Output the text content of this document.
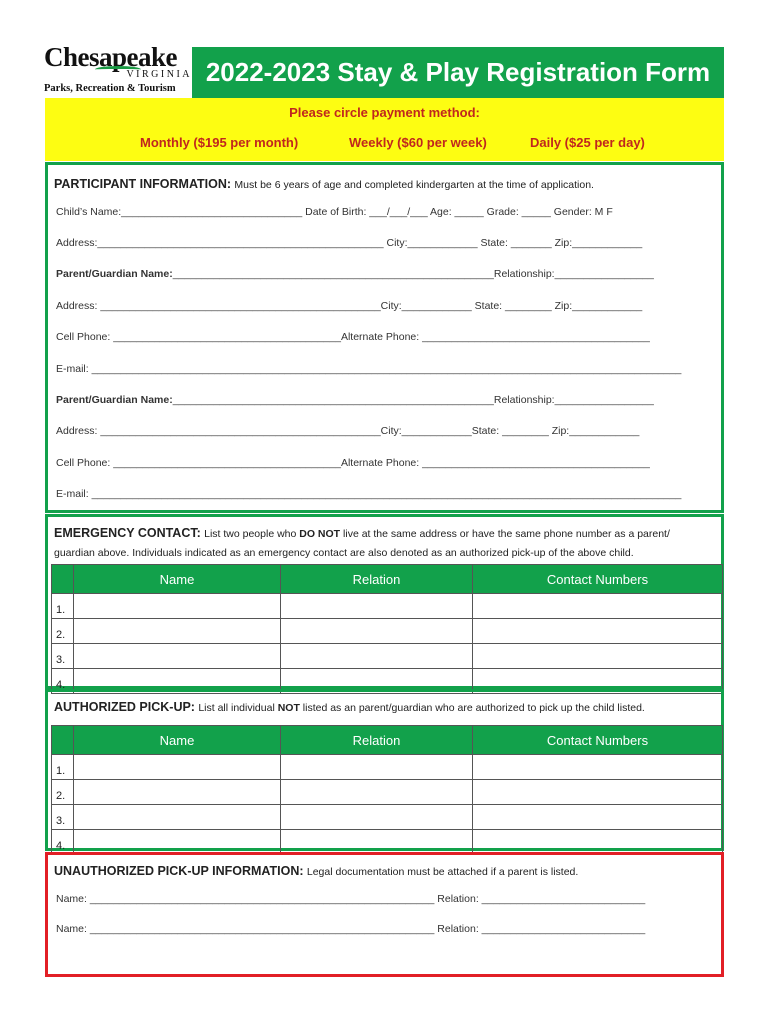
Chesapeake
VIRGINIA
Parks, Recreation & Tourism
2022-2023 Stay & Play Registration Form
Please circle payment method:
Monthly ($195 per month)	Weekly ($60 per week)	Daily ($25 per day)
PARTICIPANT INFORMATION: Must be 6 years of age and completed kindergarten at the time of application.
Child’s Name:_______________________________ Date of Birth: ___/___/___ Age: _____ Grade: _____ Gender: M F
Address:_________________________________________________ City:____________ State: _______ Zip:____________
Parent/Guardian Name:_______________________________________________________Relationship:_________________
Address: ________________________________________________City:____________ State: ________ Zip:____________
Cell Phone: _______________________________________Alternate Phone: _______________________________________
E-mail: _____________________________________________________________________________________________________
Parent/Guardian Name:_______________________________________________________Relationship:_________________
Address: ________________________________________________City:____________State: ________ Zip:____________
Cell Phone: _______________________________________Alternate Phone: _______________________________________
E-mail: _____________________________________________________________________________________________________
EMERGENCY CONTACT: List two people who DO NOT live at the same address or have the same phone number as a parent/
guardian above. Individuals indicated as an emergency contact are also denoted as an authorized pick-up of the above child.
	Name	Relation	Contact Numbers
1.			
2.			
3.			
4.			
AUTHORIZED PICK-UP: List all individual NOT listed as an parent/guardian who are authorized to pick up the child listed.
	Name	Relation	Contact Numbers
1.			
2.			
3.			
4.			
UNAUTHORIZED PICK-UP INFORMATION: Legal documentation must be attached if a parent is listed.
Name: ___________________________________________________________ Relation: ____________________________
Name: ___________________________________________________________ Relation: ____________________________
